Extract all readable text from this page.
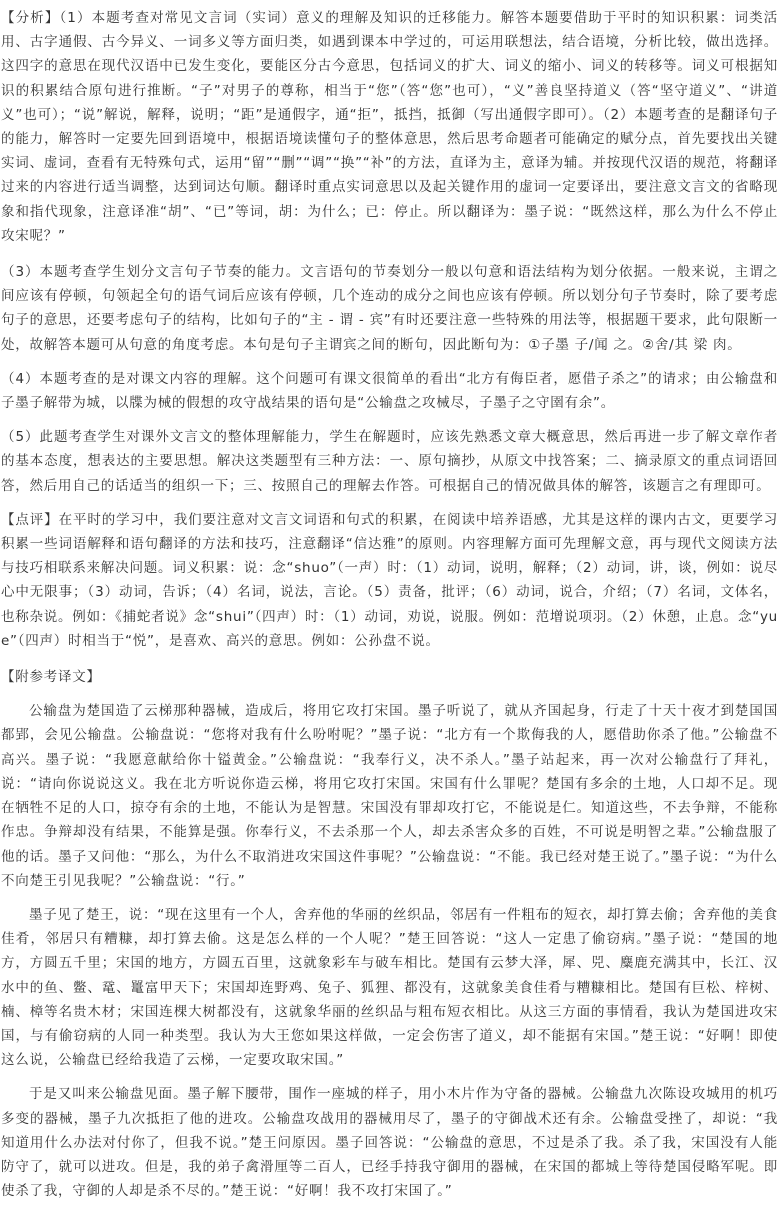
【分析】（1）本题考查对常见文言词（实词）意义的理解及知识的迁移能力。解答本题要借助于平时的知识积累：词类活用、古字通假、古今异义、一词多义等方面归类，如遇到课本中学过的，可运用联想法，结合语境，分析比较，做出选择。这四字的意思在现代汉语中已发生变化，要能区分古今意思，包括词义的扩大、词义的缩小、词义的转移等。词义可根据知识的积累结合原句进行推断。“子”对男子的尊称，相当于“您”（答“您”也可），“义”善良坚持道义（答“坚守道义”、“讲道义”也可）；“说”解说，解释，说明；“距”是通假字，通“拒”，抵挡，抵御（写出通假字即可）。（2）本题考查的是翻译句子的能力，解答时一定要先回到语境中，根据语境读懂句子的整体意思，然后思考命题者可能确定的赋分点，首先要找出关键实词、虚词，查看有无特殊句式，运用“留”“删”“调”“换”“补”的方法，直译为主，意译为辅。并按现代汉语的规范，将翻译过来的内容进行适当调整，达到词达句顺。翻译时重点实词意思以及起关键作用的虚词一定要译出，要注意文言文的省略现象和指代现象，注意译准“胡”、“已”等词，胡：为什么；已：停止。所以翻译为：墨子说：“既然这样，那么为什么不停止攻宋呢？”

（3）本题考查学生划分文言句子节奏的能力。文言语句的节奏划分一般以句意和语法结构为划分依据。一般来说，主谓之间应该有停顿，句领起全句的语气词后应该有停顿，几个连动的成分之间也应该有停顿。所以划分句子节奏时，除了要考虑句子的意思，还要考虑句子的结构，比如句子的“主 - 谓 - 宾”有时还要注意一些特殊的用法等，根据题干要求，此句限断一处，故解答本题可从句意的角度考虑。本句是句子主谓宾之间的断句，因此断句为：①子墨 子/闻 之。②舍/其 梁 肉。

（4）本题考查的是对课文内容的理解。这个问题可有课文很简单的看出“北方有侮臣者，愿借子杀之”的请求；由公输盘和子墨子解带为城，以牒为械的假想的攻守战结果的语句是“公输盘之攻械尽，子墨子之守圉有余”。

（5）此题考查学生对课外文言文的整体理解能力，学生在解题时，应该先熟悉文章大概意思，然后再进一步了解文章作者的基本态度，想表达的主要思想。解决这类题型有三种方法：一、原句摘抄，从原文中找答案；二、摘录原文的重点词语回答，然后用自己的话适当的组织一下；三、按照自己的理解去作答。可根据自己的情况做具体的解答，该题言之有理即可。

【点评】在平时的学习中，我们要注意对文言文词语和句式的积累，在阅读中培养语感，尤其是这样的课内古文，更要学习积累一些词语解释和语句翻译的方法和技巧，注意翻译“信达雅”的原则。内容理解方面可先理解文意，再与现代文阅读方法与技巧相联系来解决问题。词义积累：说：念“shuo”（一声）时：（1）动词，说明，解释；（2）动词，讲，谈，例如：说尽心中无限事；（3）动词，告诉；（4）名词，说法，言论。（5）责备，批评；（6）动词，说合，介绍；（7）名词，文体名，也称杂说。例如：《捕蛇者说》念“shui”（四声）时：（1）动词，劝说，说服。例如：范增说项羽。（2）休憩，止息。念“yue”（四声）时相当于“悦”，是喜欢、高兴的意思。例如：公孙盘不说。

【附参考译文】

公输盘为楚国造了云梯那种器械，造成后，将用它攻打宋国。墨子听说了，就从齐国起身，行走了十天十夜才到楚国国都郢，会见公输盘。公输盘说：“您将对我有什么吩咐呢？”墨子说：“北方有一个欺侮我的人，愿借助你杀了他。”公输盘不高兴。墨子说：“我愿意献给你十镒黄金。”公输盘说：“我奉行义，决不杀人。”墨子站起来，再一次对公输盘行了拜礼，说：“请向你说说这义。我在北方听说你造云梯，将用它攻打宋国。宋国有什么罪呢？楚国有多余的土地，人口却不足。现在牺牲不足的人口，掠夺有余的土地，不能认为是智慧。宋国没有罪却攻打它，不能说是仁。知道这些，不去争辩，不能称作忠。争辩却没有结果，不能算是强。你奉行义，不去杀那一个人，却去杀害众多的百姓，不可说是明智之辈。”公输盘服了他的话。墨子又问他：“那么，为什么不取消进攻宋国这件事呢？”公输盘说：“不能。我已经对楚王说了。”墨子说：“为什么不向楚王引见我呢？”公输盘说：“行。”

墨子见了楚王，说：“现在这里有一个人，舍弃他的华丽的丝织品，邻居有一件粗布的短衣，却打算去偷；舍弃他的美食佳肴，邻居只有糟糠，却打算去偷。这是怎么样的一个人呢？”楚王回答说：“这人一定患了偷窃病。”墨子说：“楚国的地方，方圆五千里；宋国的地方，方圆五百里，这就象彩车与破车相比。楚国有云梦大泽，犀、兕、麋鹿充满其中，长江、汉水中的鱼、鳖、鼋、鼍富甲天下；宋国却连野鸡、兔子、狐狸、都没有，这就象美食佳肴与糟糠相比。楚国有巨松、梓树、楠、樟等名贵木材；宋国连棵大树都没有，这就象华丽的丝织品与粗布短衣相比。从这三方面的事情看，我认为楚国进攻宋国，与有偷窃病的人同一种类型。我认为大王您如果这样做，一定会伤害了道义，却不能据有宋国。”楚王说：“好啊！即使这么说，公输盘已经给我造了云梯，一定要攻取宋国。”

于是又叫来公输盘见面。墨子解下腰带，围作一座城的样子，用小木片作为守备的器械。公输盘九次陈设攻城用的机巧多变的器械，墨子九次抵拒了他的进攻。公输盘攻战用的器械用尽了，墨子的守御战术还有余。公输盘受挫了，却说：“我知道用什么办法对付你了，但我不说。”楚王问原因。墨子回答说：“公输盘的意思，不过是杀了我。杀了我，宋国没有人能防守了，就可以进攻。但是，我的弟子禽滑厘等二百人，已经手持我守御用的器械，在宋国的都城上等待楚国侵略军呢。即使杀了我，守御的人却是杀不尽的。”楚王说：“好啊！我不攻打宋国了。”
